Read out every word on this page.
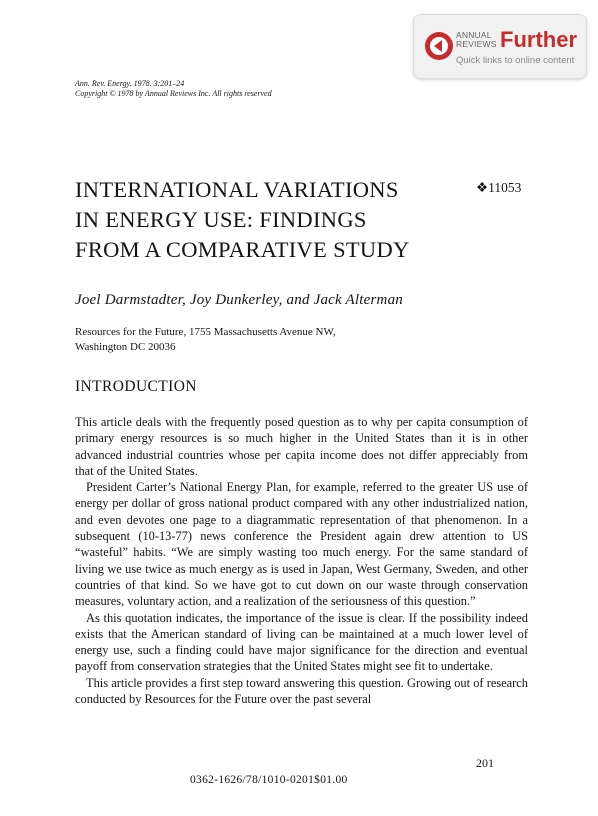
ANNUAL
REVIEWS Further
Quick links to online content
Ann. Rev. Energy. 1978. 3:201–24
Copyright © 1978 by Annual Reviews Inc. All rights reserved
INTERNATIONAL VARIATIONS
IN ENERGY USE: FINDINGS
FROM A COMPARATIVE STUDY
❖11053
Joel Darmstadter, Joy Dunkerley, and Jack Alterman
Resources for the Future, 1755 Massachusetts Avenue NW,
Washington DC 20036
INTRODUCTION

This article deals with the frequently posed question as to why per capita consumption of primary energy resources is so much higher in the United States than it is in other advanced industrial countries whose per capita income does not differ appreciably from that of the United States.

President Carter’s National Energy Plan, for example, referred to the greater US use of energy per dollar of gross national product compared with any other industrialized nation, and even devotes one page to a diagrammatic representation of that phenomenon. In a subsequent (10-13-77) news conference the President again drew attention to US “wasteful” habits. “We are simply wasting too much energy. For the same standard of living we use twice as much energy as is used in Japan, West Germany, Sweden, and other countries of that kind. So we have got to cut down on our waste through conservation measures, voluntary action, and a realization of the seriousness of this question.”

As this quotation indicates, the importance of the issue is clear. If the possibility indeed exists that the American standard of living can be maintained at a much lower level of energy use, such a finding could have major significance for the direction and eventual payoff from conservation strategies that the United States might see fit to undertake.

This article provides a first step toward answering this question. Growing out of research conducted by Resources for the Future over the past several

201
0362-1626/78/1010-0201$01.00
